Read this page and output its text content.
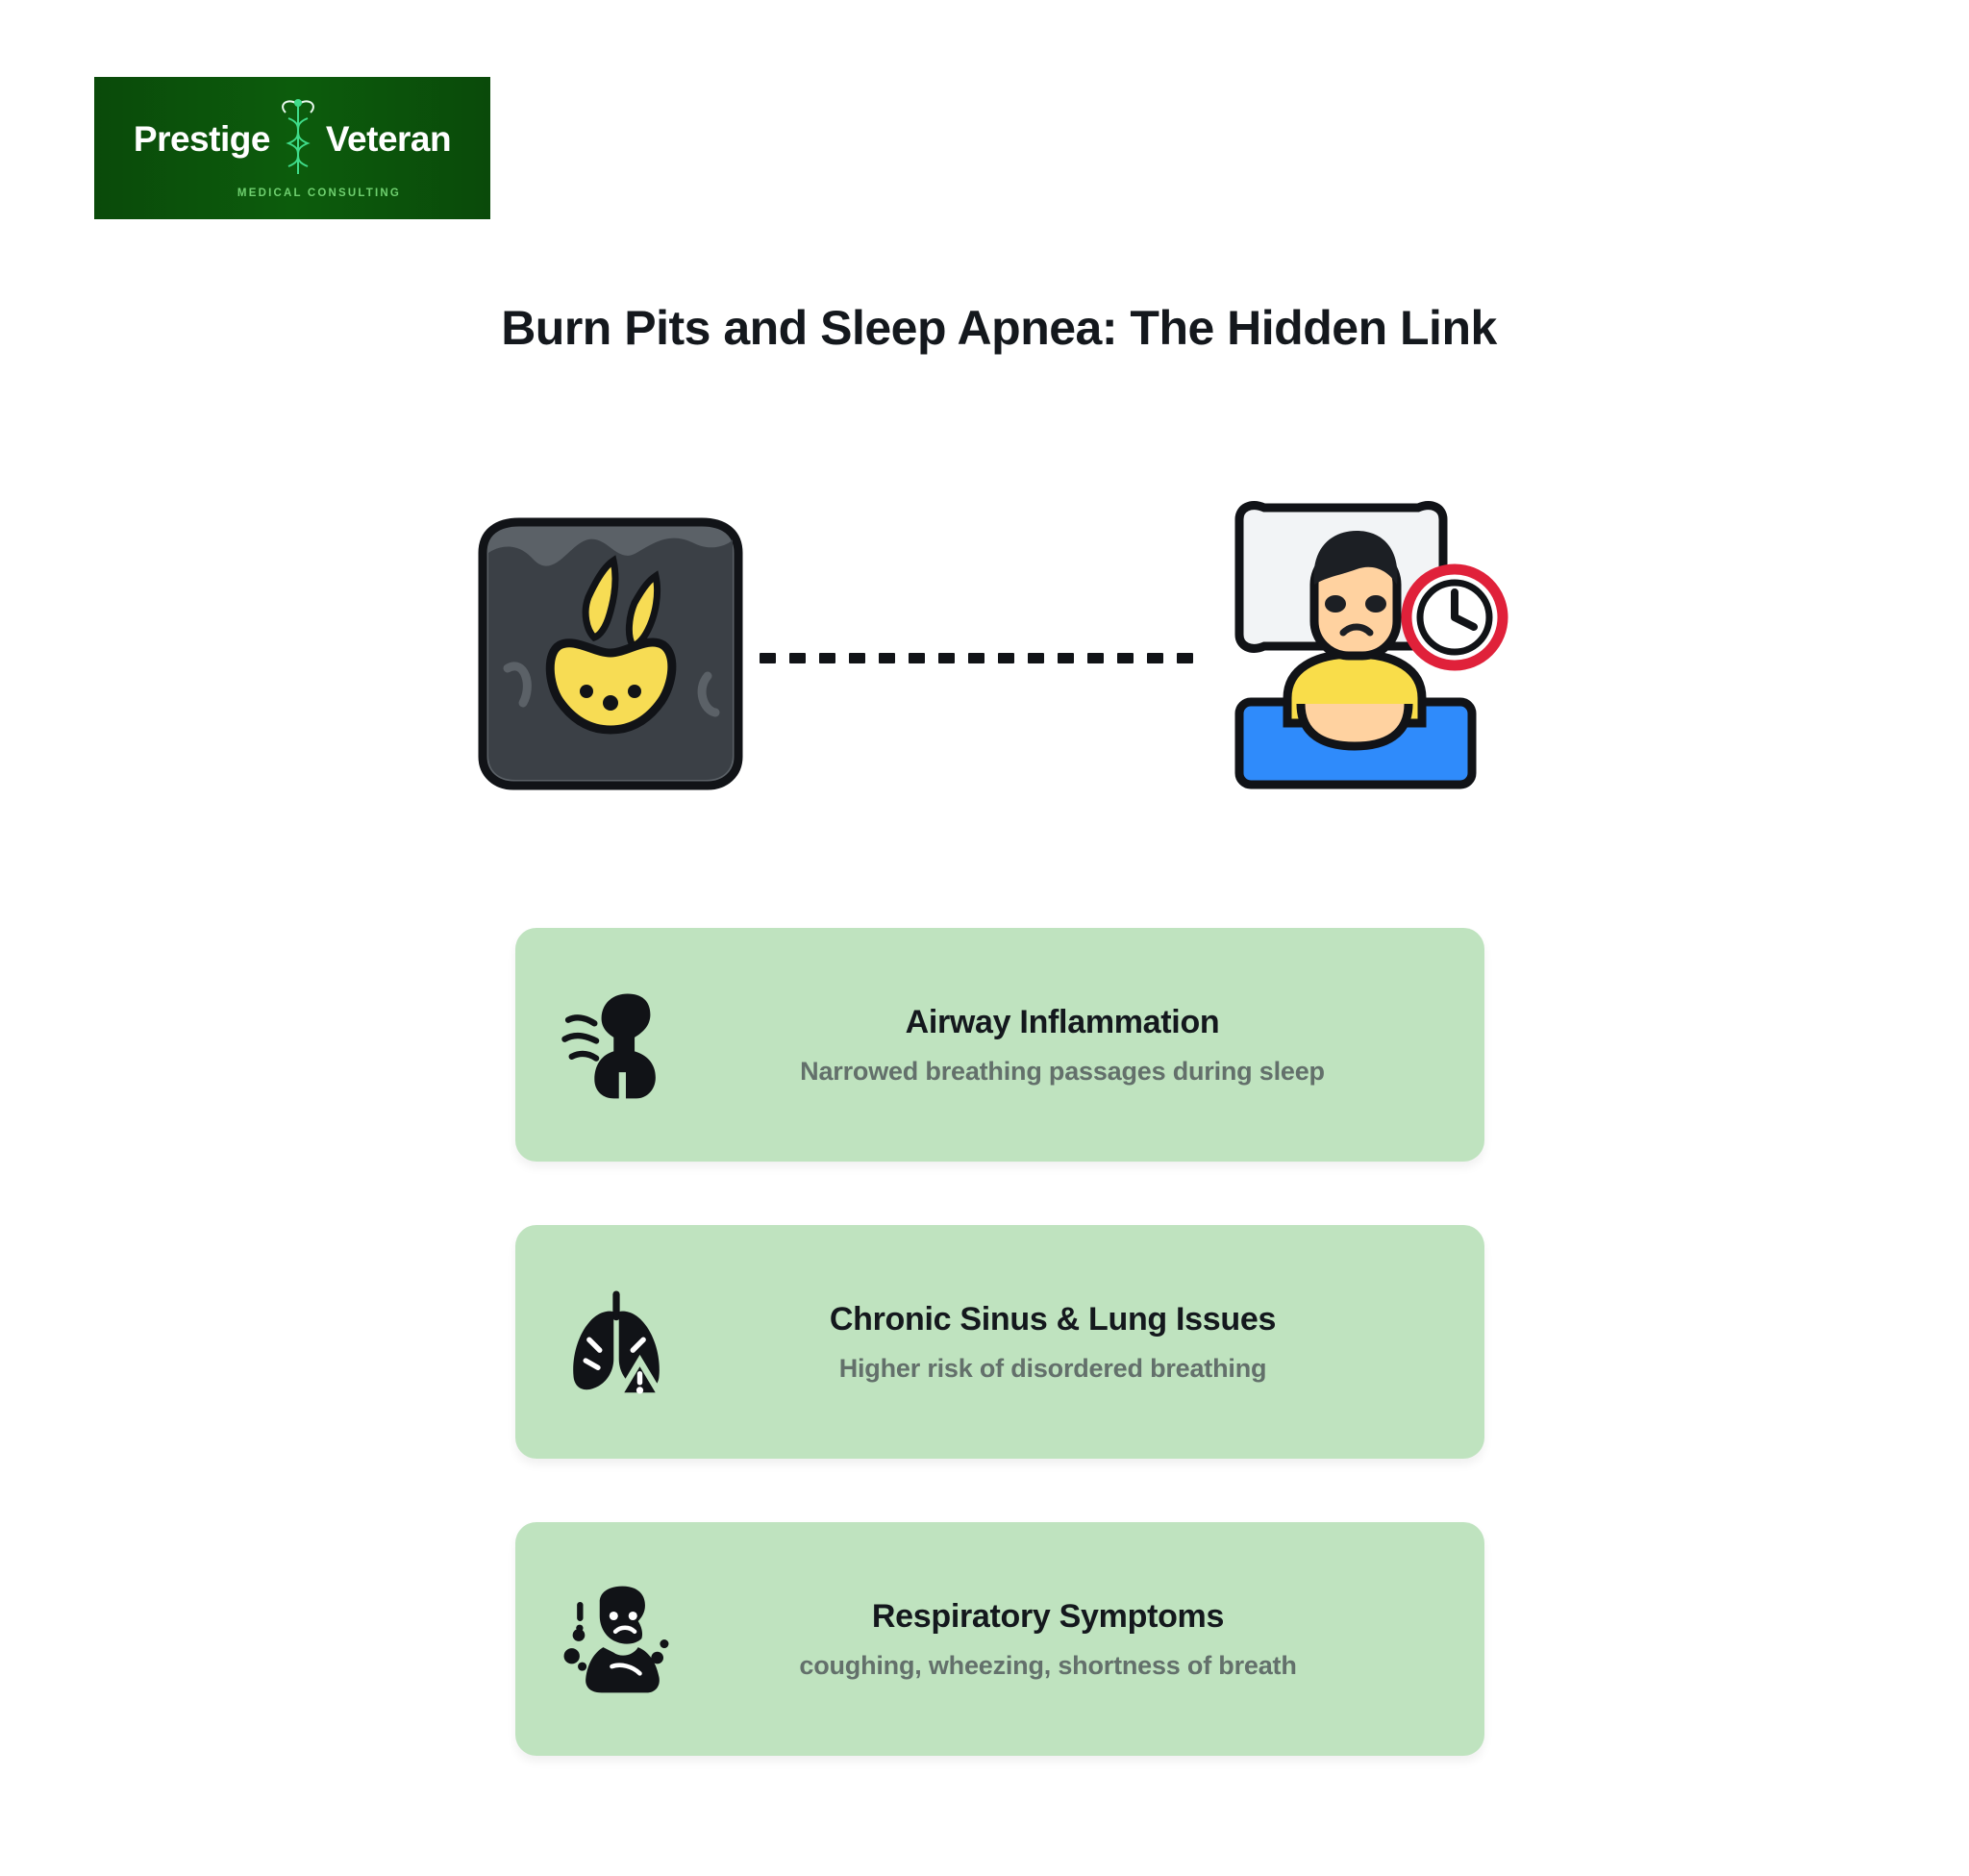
Prestige Veteran
MEDICAL CONSULTING
Burn Pits and Sleep Apnea: The Hidden Link
Airway Inflammation
Narrowed breathing passages during sleep
Chronic Sinus & Lung Issues
Higher risk of disordered breathing
Respiratory Symptoms
coughing, wheezing, shortness of breath
